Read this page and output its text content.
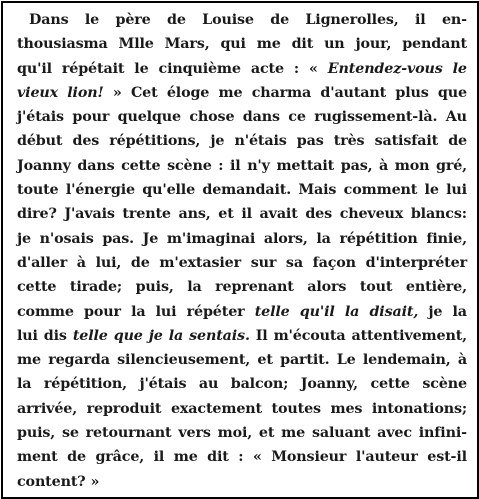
Dans le père de Louise de Lignerolles, il en-
thousiasma Mlle Mars, qui me dit un jour, pendant
qu'il répétait le cinquième acte : « Entendez-vous le
vieux lion! » Cet éloge me charma d'autant plus que
j'étais pour quelque chose dans ce rugissement-là. Au
début des répétitions, je n'étais pas très satisfait de
Joanny dans cette scène : il n'y mettait pas, à mon gré,
toute l'énergie qu'elle demandait. Mais comment le lui
dire? J'avais trente ans, et il avait des cheveux blancs:
je n'osais pas. Je m'imaginai alors, la répétition finie,
d'aller à lui, de m'extasier sur sa façon d'interpréter
cette tirade; puis, la reprenant alors tout entière,
comme pour la lui répéter telle qu'il la disait, je la
lui dis telle que je la sentais. Il m'écouta attentivement,
me regarda silencieusement, et partit. Le lendemain, à
la répétition, j'étais au balcon; Joanny, cette scène
arrivée, reproduit exactement toutes mes intonations;
puis, se retournant vers moi, et me saluant avec infini-
ment de grâce, il me dit : « Monsieur l'auteur est-il
content? »
